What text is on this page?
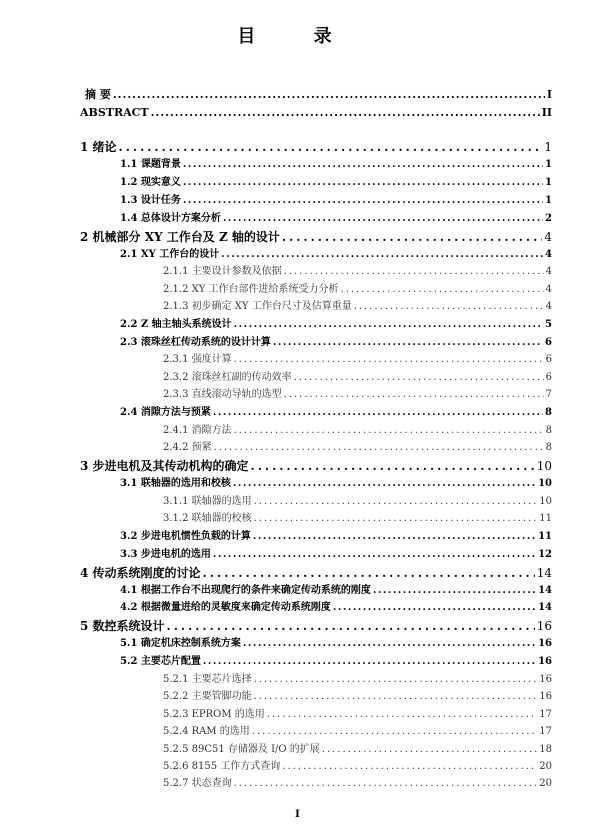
目 录
摘 要 .....	I
ABSTRACT .....	II
1 绪论 .....	1
1.1 课题背景 .....	1
1.2 现实意义 .....	1
1.3 设计任务 .....	1
1.4 总体设计方案分析 .....	2
2 机械部分 XY 工作台及 Z 轴的设计 .....	4
2.1 XY 工作台的设计 .....	4
2.1.1 主要设计参数及依据 .....	4
2.1.2 XY 工作台部件进给系统受力分析 .....	4
2.1.3 初步确定 XY 工作台尺寸及估算重量 .....	4
2.2 Z 轴主轴头系统设计 .....	5
2.3 滚珠丝杠传动系统的设计计算 .....	6
2.3.1 强度计算 .....	6
2.3.2 滚珠丝杠副的传动效率 .....	6
2.3.3 直线滚动导轨的选型 .....	7
2.4 消隙方法与预紧 .....	8
2.4.1 消隙方法 .....	8
2.4.2 预紧 .....	8
3 步进电机及其传动机构的确定 .....	10
3.1 联轴器的选用和校核 .....	10
3.1.1 联轴器的选用 .....	10
3.1.2 联轴器的校核 .....	11
3.2 步进电机惯性负载的计算 .....	11
3.3 步进电机的选用 .....	12
4 传动系统刚度的讨论 .....	14
4.1 根据工作台不出现爬行的条件来确定传动系统的刚度 .....	14
4.2 根据微量进给的灵敏度来确定传动系统刚度 .....	14
5 数控系统设计 .....	16
5.1 确定机床控制系统方案 .....	16
5.2 主要芯片配置 .....	16
5.2.1 主要芯片选择 .....	16
5.2.2 主要管脚功能 .....	16
5.2.3 EPROM 的选用 .....	17
5.2.4 RAM 的选用 .....	17
5.2.5 89C51 存储器及 I/O 的扩展 .....	18
5.2.6 8155 工作方式查询 .....	20
5.2.7 状态查询 .....	20
I
